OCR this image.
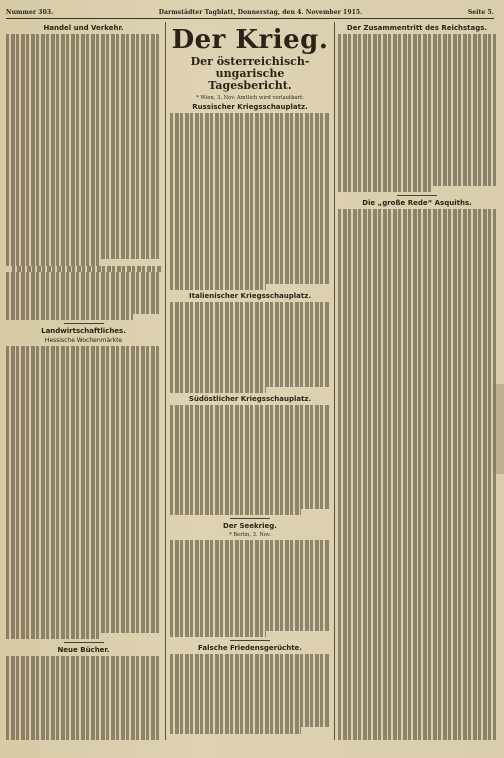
Nummer 303.	Darmstädter Tagblatt, Donnerstag, den 4. November 1915.	Seite 5.
Handel und Verkehr.
Landwirtschaftliches.
Hessische Wochenmärkte
Neue Bücher.
Der Krieg.
Der österreichisch-ungarische Tagesbericht.
* Wien, 3. Nov. Amtlich wird verlautbart:
Russischer Kriegsschauplatz.
Italienischer Kriegsschauplatz.
Südöstlicher Kriegsschauplatz.
Der Seekrieg.
* Berlin, 3. Nov.
Falsche Friedensgerüchte.
Der Zusammentritt des Reichstags.
Die „große Rede“ Asquiths.
